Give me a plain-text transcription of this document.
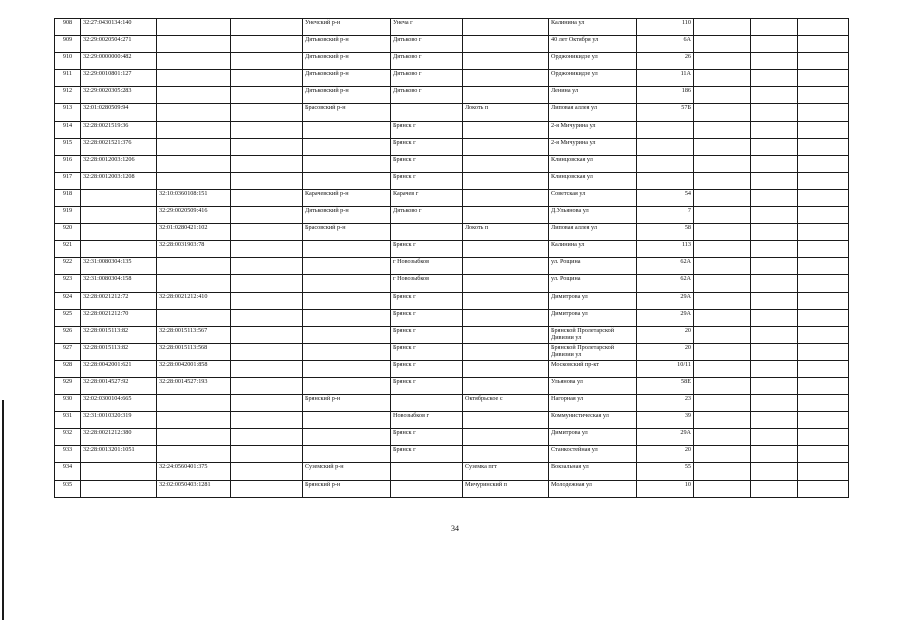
908	32:27:0430134:140			Унечский р-н	Унеча г		Калинина ул	110			
909	32:29:0020504:271			Дятьковский р-н	Дятьково г		40 лет Октября ул	6А			
910	32:29:0000000:482			Дятьковский р-н	Дятьково г		Орджоникидзе ул	26			
911	32:29:0010801:127			Дятьковский р-н	Дятьково г		Орджоникидзе ул	11А			
912	32:29:0020305:283			Дятьковский р-н	Дятьково г		Ленина ул	186			
913	32:01:0280509:94			Брасовский р-н		Локоть п	Липовая аллея ул	57Б			
914	32:28:0021519:36				Брянск г		2-я Мичурина ул				
915	32:28:0021521:376				Брянск г		2-я Мичурина ул				
916	32:28:0012003:1206				Брянск г		Клинцовская ул				
917	32:28:0012003:1208				Брянск г		Клинцовская ул				
918		32:10:0360108:151		Карачевский р-н	Карачев г		Советская ул	54			
919		32:29:0020509:416		Дятьковский р-н	Дятьково г		Д.Ульянова ул	7			
920		32:01:0280421:102		Брасовский р-н		Локоть п	Липовая аллея ул	58			
921		32:28:0031903:78			Брянск г		Калинина ул	113			
922	32:31:0080304:135				г Новозыбков		ул. Рощина	62А			
923	32:31:0080304:158				г Новозыбков		ул. Рощина	62А			
924	32:28:0021212:72	32:28:0021212:410			Брянск г		Димитрова ул	29А			
925	32:28:0021212:70				Брянск г		Димитрова ул	29А			
926	32:28:0015113:82	32:28:0015113:567			Брянск г		Брянской Пролетарской Дивизии ул	20			
927	32:28:0015113:82	32:28:0015113:568			Брянск г		Брянской Пролетарской Дивизии ул	20			
928	32:28:0042001:621	32:28:0042001:858			Брянск г		Московский пр-кт	10/11			
929	32:28:0014527:92	32:28:0014527:193			Брянск г		Ульянова ул	58Е			
930	32:02:0300104:665			Брянский р-н		Октябрьское с	Нагорная ул	23			
931	32:31:0010320:319				Новозыбков г		Коммунистическая ул	39			
932	32:28:0021212:380				Брянск г		Димитрова ул	29А			
933	32:28:0013201:1051				Брянск г		Станкостейная ул	20			
934		32:24:0560401:375		Суземский р-н		Суземка пгт	Вокзальная ул	55			
935		32:02:0050403:1281		Брянский р-н		Мичуринский п	Молодежная ул	10			
34
